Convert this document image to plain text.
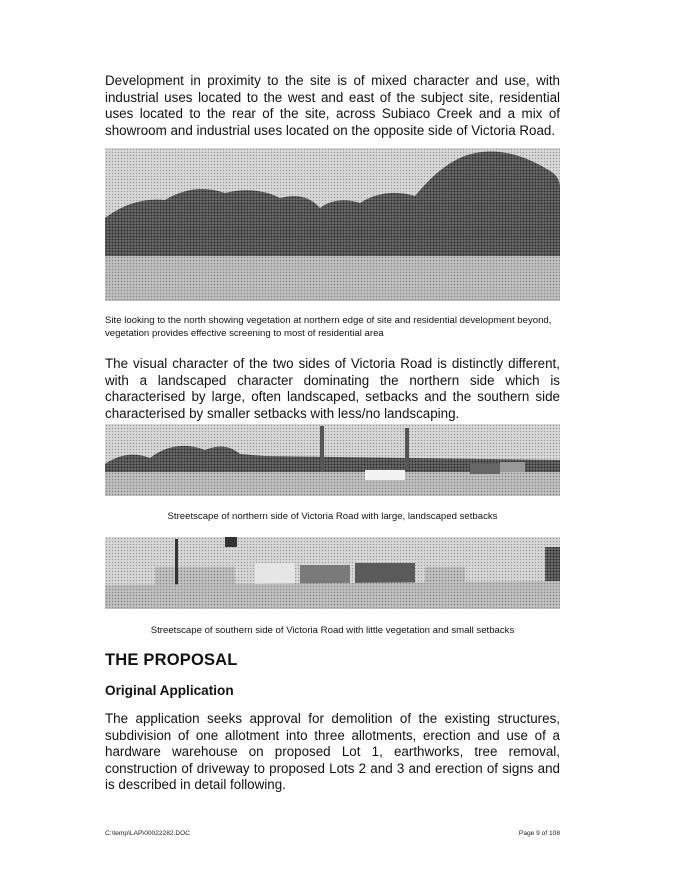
Development in proximity to the site is of mixed character and use, with industrial uses located to the west and east of the subject site, residential uses located to the rear of the site, across Subiaco Creek and a mix of showroom and industrial uses located on the opposite side of Victoria Road.

Site looking to the north showing vegetation at northern edge of site and residential development beyond, vegetation provides effective screening to most of residential area

The visual character of the two sides of Victoria Road is distinctly different, with a landscaped character dominating the northern side which is characterised by large, often landscaped, setbacks and the southern side characterised by smaller setbacks with less/no landscaping.

Streetscape of northern side of Victoria Road with large, landscaped setbacks

Streetscape of southern side of Victoria Road with little vegetation and small setbacks

THE PROPOSAL
Original Application

The application seeks approval for demolition of the existing structures, subdivision of one allotment into three allotments, erection and use of a hardware warehouse on proposed Lot 1, earthworks, tree removal, construction of driveway to proposed Lots 2 and 3 and erection of signs and is described in detail following.

C:\temp\LAP\00022282.DOC	Page 9 of 108
